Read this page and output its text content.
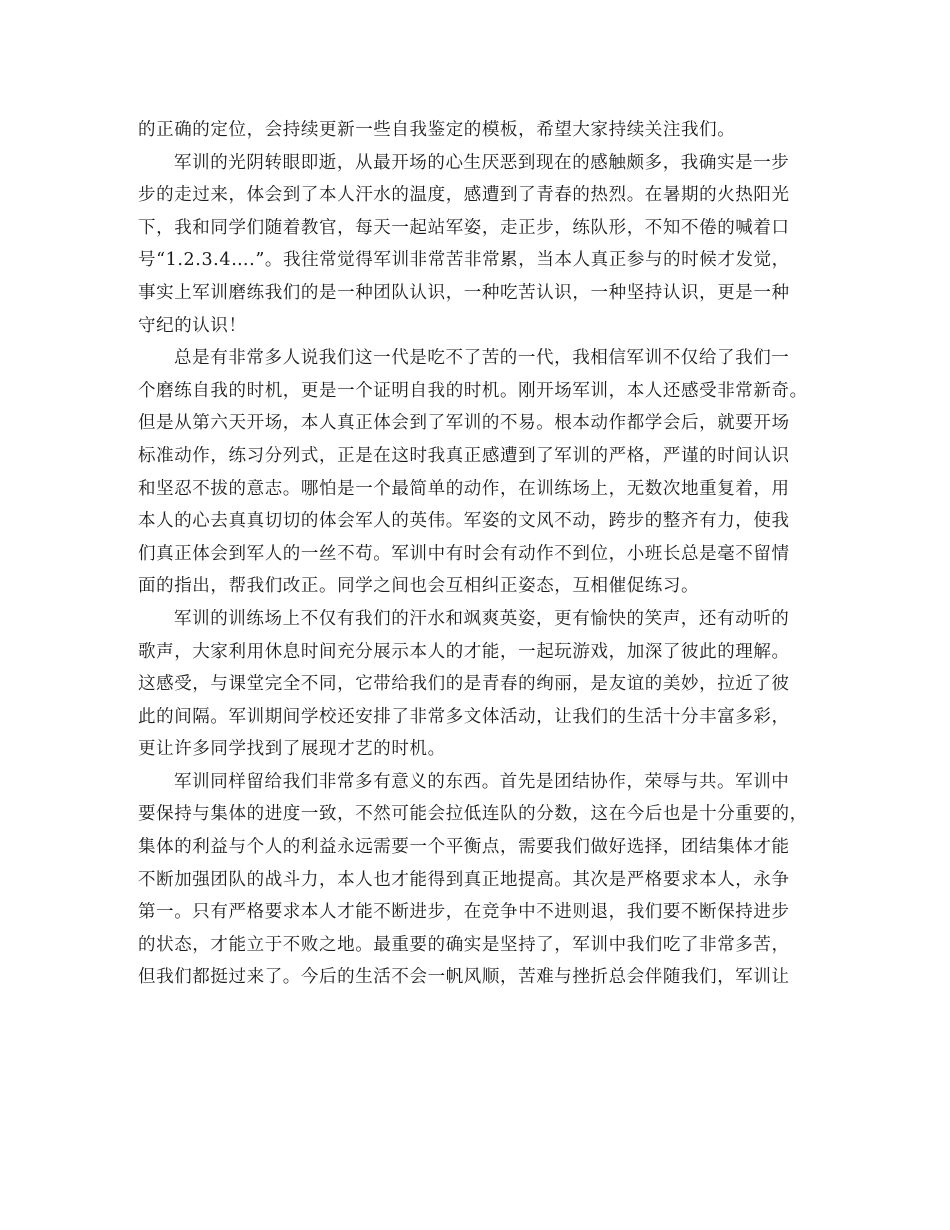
的正确的定位，会持续更新一些自我鉴定的模板，希望大家持续关注我们。

军训的光阴转眼即逝，从最开场的心生厌恶到现在的感触颇多，我确实是一步
步的走过来，体会到了本人汗水的温度，感遭到了青春的热烈。在暑期的火热阳光
下，我和同学们随着教官，每天一起站军姿，走正步，练队形，不知不倦的喊着口
号“1.2.3.4….”。我往常觉得军训非常苦非常累，当本人真正参与的时候才发觉，
事实上军训磨练我们的是一种团队认识，一种吃苦认识，一种坚持认识，更是一种
守纪的认识！

总是有非常多人说我们这一代是吃不了苦的一代，我相信军训不仅给了我们一
个磨练自我的时机，更是一个证明自我的时机。刚开场军训，本人还感受非常新奇。
但是从第六天开场，本人真正体会到了军训的不易。根本动作都学会后，就要开场
标准动作，练习分列式，正是在这时我真正感遭到了军训的严格，严谨的时间认识
和坚忍不拔的意志。哪怕是一个最简单的动作，在训练场上，无数次地重复着，用
本人的心去真真切切的体会军人的英伟。军姿的文风不动，跨步的整齐有力，使我
们真正体会到军人的一丝不苟。军训中有时会有动作不到位，小班长总是毫不留情
面的指出，帮我们改正。同学之间也会互相纠正姿态，互相催促练习。

军训的训练场上不仅有我们的汗水和飒爽英姿，更有愉快的笑声，还有动听的
歌声，大家利用休息时间充分展示本人的才能，一起玩游戏，加深了彼此的理解。
这感受，与课堂完全不同，它带给我们的是青春的绚丽，是友谊的美妙，拉近了彼
此的间隔。军训期间学校还安排了非常多文体活动，让我们的生活十分丰富多彩，
更让许多同学找到了展现才艺的时机。

军训同样留给我们非常多有意义的东西。首先是团结协作，荣辱与共。军训中
要保持与集体的进度一致，不然可能会拉低连队的分数，这在今后也是十分重要的，
集体的利益与个人的利益永远需要一个平衡点，需要我们做好选择，团结集体才能
不断加强团队的战斗力，本人也才能得到真正地提高。其次是严格要求本人，永争
第一。只有严格要求本人才能不断进步，在竞争中不进则退，我们要不断保持进步
的状态，才能立于不败之地。最重要的确实是坚持了，军训中我们吃了非常多苦，
但我们都挺过来了。今后的生活不会一帆风顺，苦难与挫折总会伴随我们，军训让
